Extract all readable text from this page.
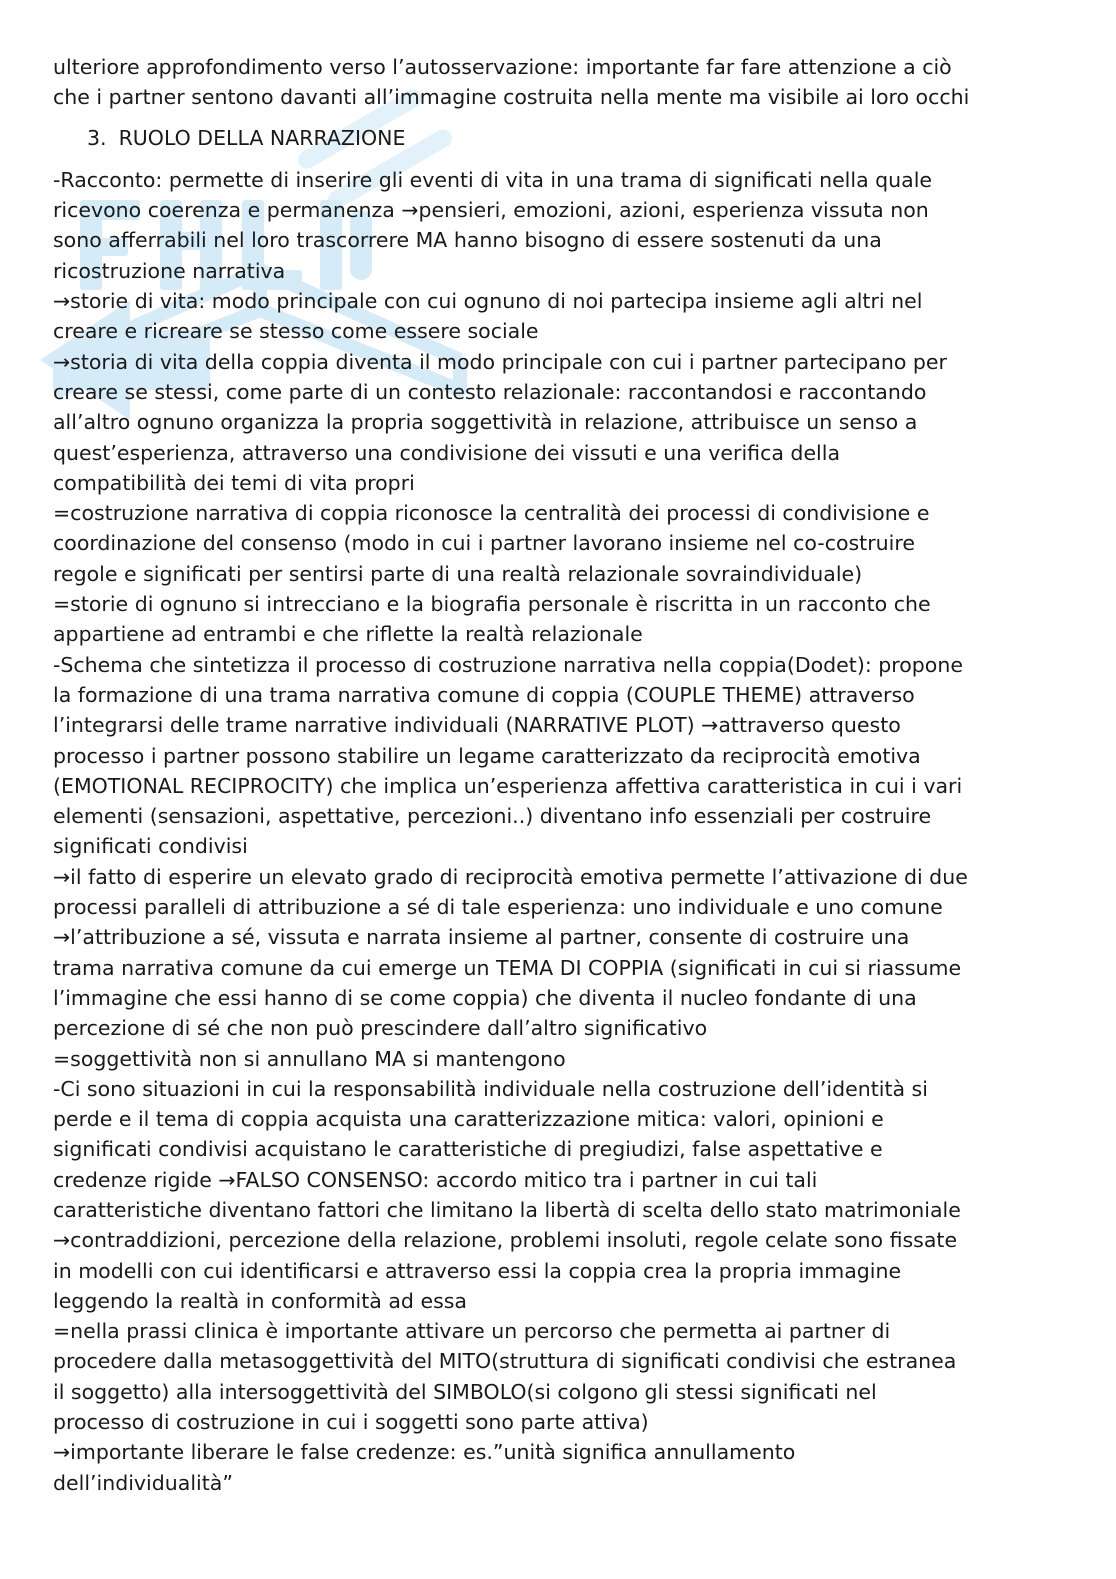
ulteriore approfondimento verso l’autosservazione: importante far fare attenzione a ciò
che i partner sentono davanti all’immagine costruita nella mente ma visibile ai loro occhi
3. RUOLO DELLA NARRAZIONE
-Racconto: permette di inserire gli eventi di vita in una trama di significati nella quale
ricevono coerenza e permanenza →pensieri, emozioni, azioni, esperienza vissuta non
sono afferrabili nel loro trascorrere MA hanno bisogno di essere sostenuti da una
ricostruzione narrativa
→storie di vita: modo principale con cui ognuno di noi partecipa insieme agli altri nel
creare e ricreare se stesso come essere sociale
→storia di vita della coppia diventa il modo principale con cui i partner partecipano per
creare se stessi, come parte di un contesto relazionale: raccontandosi e raccontando
all’altro ognuno organizza la propria soggettività in relazione, attribuisce un senso a
quest’esperienza, attraverso una condivisione dei vissuti e una verifica della
compatibilità dei temi di vita propri
=costruzione narrativa di coppia riconosce la centralità dei processi di condivisione e
coordinazione del consenso (modo in cui i partner lavorano insieme nel co-costruire
regole e significati per sentirsi parte di una realtà relazionale sovraindividuale)
=storie di ognuno si intrecciano e la biografia personale è riscritta in un racconto che
appartiene ad entrambi e che riflette la realtà relazionale
-Schema che sintetizza il processo di costruzione narrativa nella coppia(Dodet): propone
la formazione di una trama narrativa comune di coppia (COUPLE THEME) attraverso
l’integrarsi delle trame narrative individuali (NARRATIVE PLOT) →attraverso questo
processo i partner possono stabilire un legame caratterizzato da reciprocità emotiva
(EMOTIONAL RECIPROCITY) che implica un’esperienza affettiva caratteristica in cui i vari
elementi (sensazioni, aspettative, percezioni..) diventano info essenziali per costruire
significati condivisi
→il fatto di esperire un elevato grado di reciprocità emotiva permette l’attivazione di due
processi paralleli di attribuzione a sé di tale esperienza: uno individuale e uno comune
→l’attribuzione a sé, vissuta e narrata insieme al partner, consente di costruire una
trama narrativa comune da cui emerge un TEMA DI COPPIA (significati in cui si riassume
l’immagine che essi hanno di se come coppia) che diventa il nucleo fondante di una
percezione di sé che non può prescindere dall’altro significativo
=soggettività non si annullano MA si mantengono
-Ci sono situazioni in cui la responsabilità individuale nella costruzione dell’identità si
perde e il tema di coppia acquista una caratterizzazione mitica: valori, opinioni e
significati condivisi acquistano le caratteristiche di pregiudizi, false aspettative e
credenze rigide →FALSO CONSENSO: accordo mitico tra i partner in cui tali
caratteristiche diventano fattori che limitano la libertà di scelta dello stato matrimoniale
→contraddizioni, percezione della relazione, problemi insoluti, regole celate sono fissate
in modelli con cui identificarsi e attraverso essi la coppia crea la propria immagine
leggendo la realtà in conformità ad essa
=nella prassi clinica è importante attivare un percorso che permetta ai partner di
procedere dalla metasoggettività del MITO(struttura di significati condivisi che estranea
il soggetto) alla intersoggettività del SIMBOLO(si colgono gli stessi significati nel
processo di costruzione in cui i soggetti sono parte attiva)
→importante liberare le false credenze: es.”unità significa annullamento
dell’individualità”
